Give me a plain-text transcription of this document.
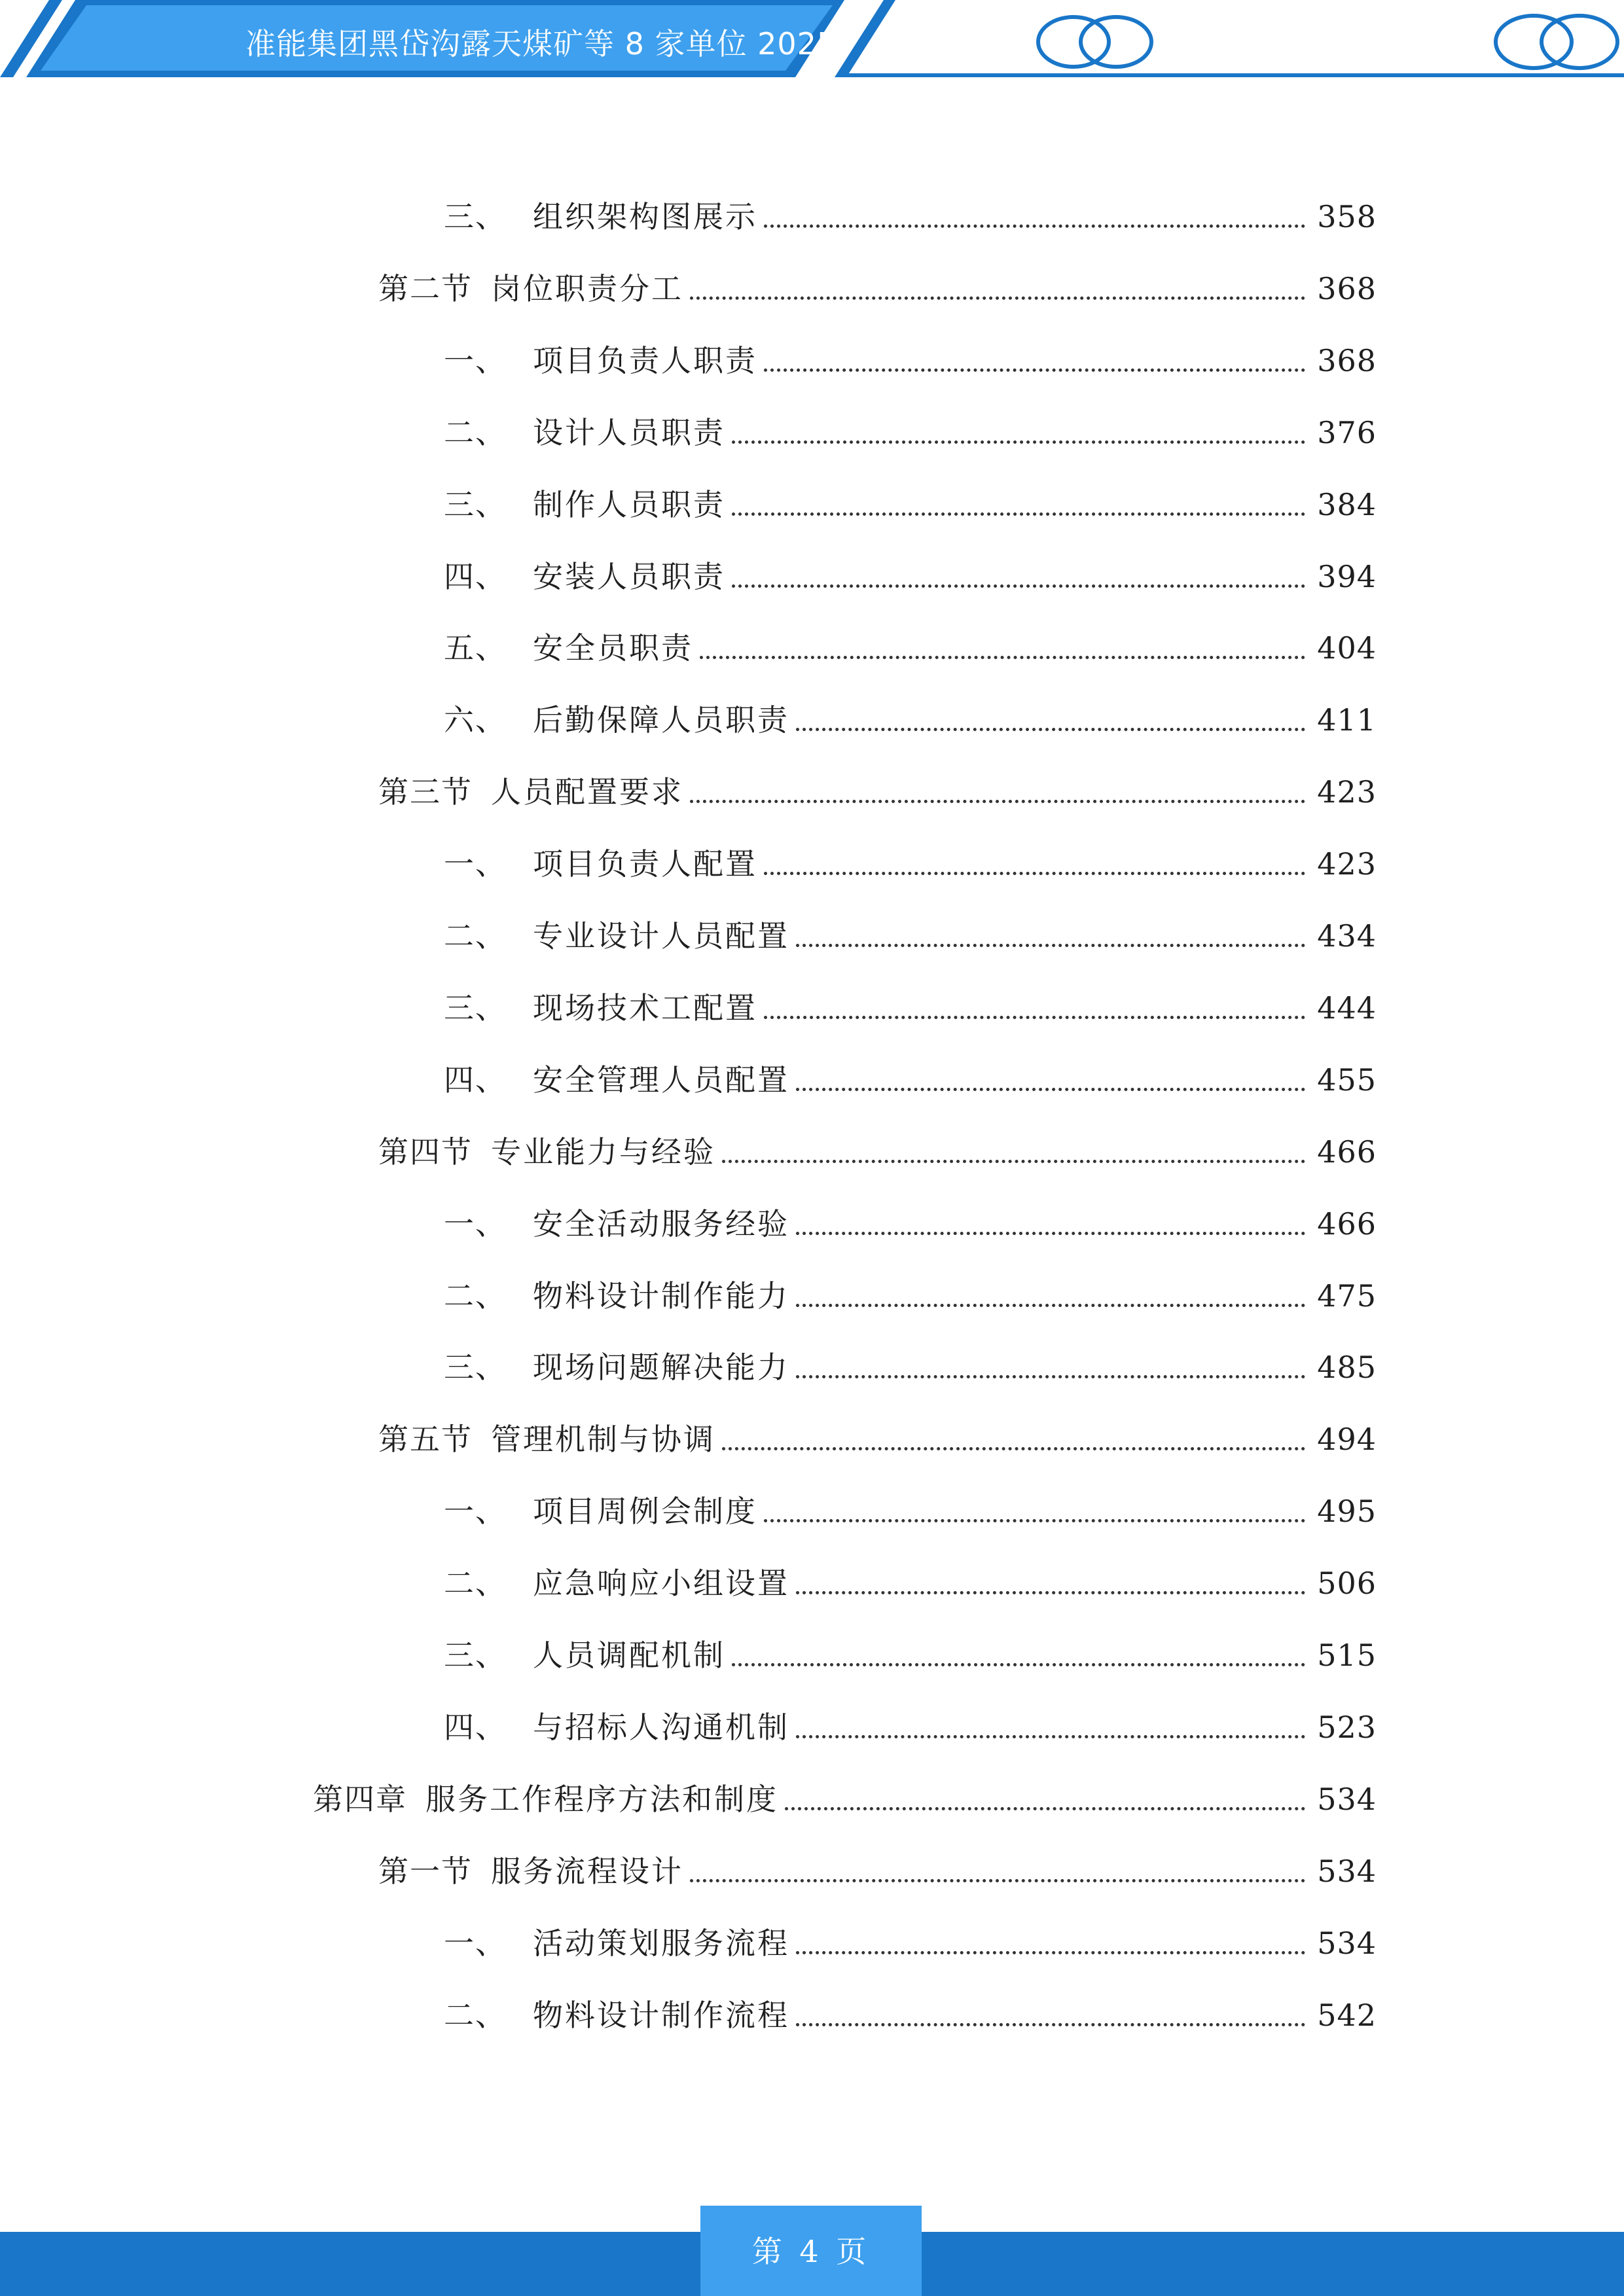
准能集团黑岱沟露天煤矿等 8 家单位 2025
三、 组织架构图展示	358
第二节 岗位职责分工	368
一、 项目负责人职责	368
二、 设计人员职责	376
三、 制作人员职责	384
四、 安装人员职责	394
五、 安全员职责	404
六、 后勤保障人员职责	411
第三节 人员配置要求	423
一、 项目负责人配置	423
二、 专业设计人员配置	434
三、 现场技术工配置	444
四、 安全管理人员配置	455
第四节 专业能力与经验	466
一、 安全活动服务经验	466
二、 物料设计制作能力	475
三、 现场问题解决能力	485
第五节 管理机制与协调	494
一、 项目周例会制度	495
二、 应急响应小组设置	506
三、 人员调配机制	515
四、 与招标人沟通机制	523
第四章 服务工作程序方法和制度	534
第一节 服务流程设计	534
一、 活动策划服务流程	534
二、 物料设计制作流程	542
第 4 页
